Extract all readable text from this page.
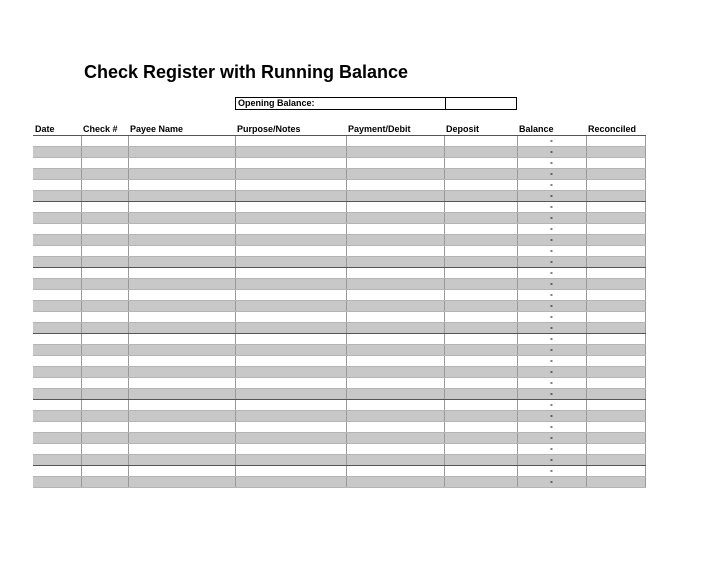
Check Register with Running Balance
Opening Balance:
Date	Check #	Payee Name	Purpose/Notes	Payment/Debit	Deposit	Balance	Reconciled
						-	
						-	
						-	
						-	
						-	
						-	
						-	
						-	
						-	
						-	
						-	
						-	
						-	
						-	
						-	
						-	
						-	
						-	
						-	
						-	
						-	
						-	
						-	
						-	
						-	
						-	
						-	
						-	
						-	
						-	
						-	
						-	
